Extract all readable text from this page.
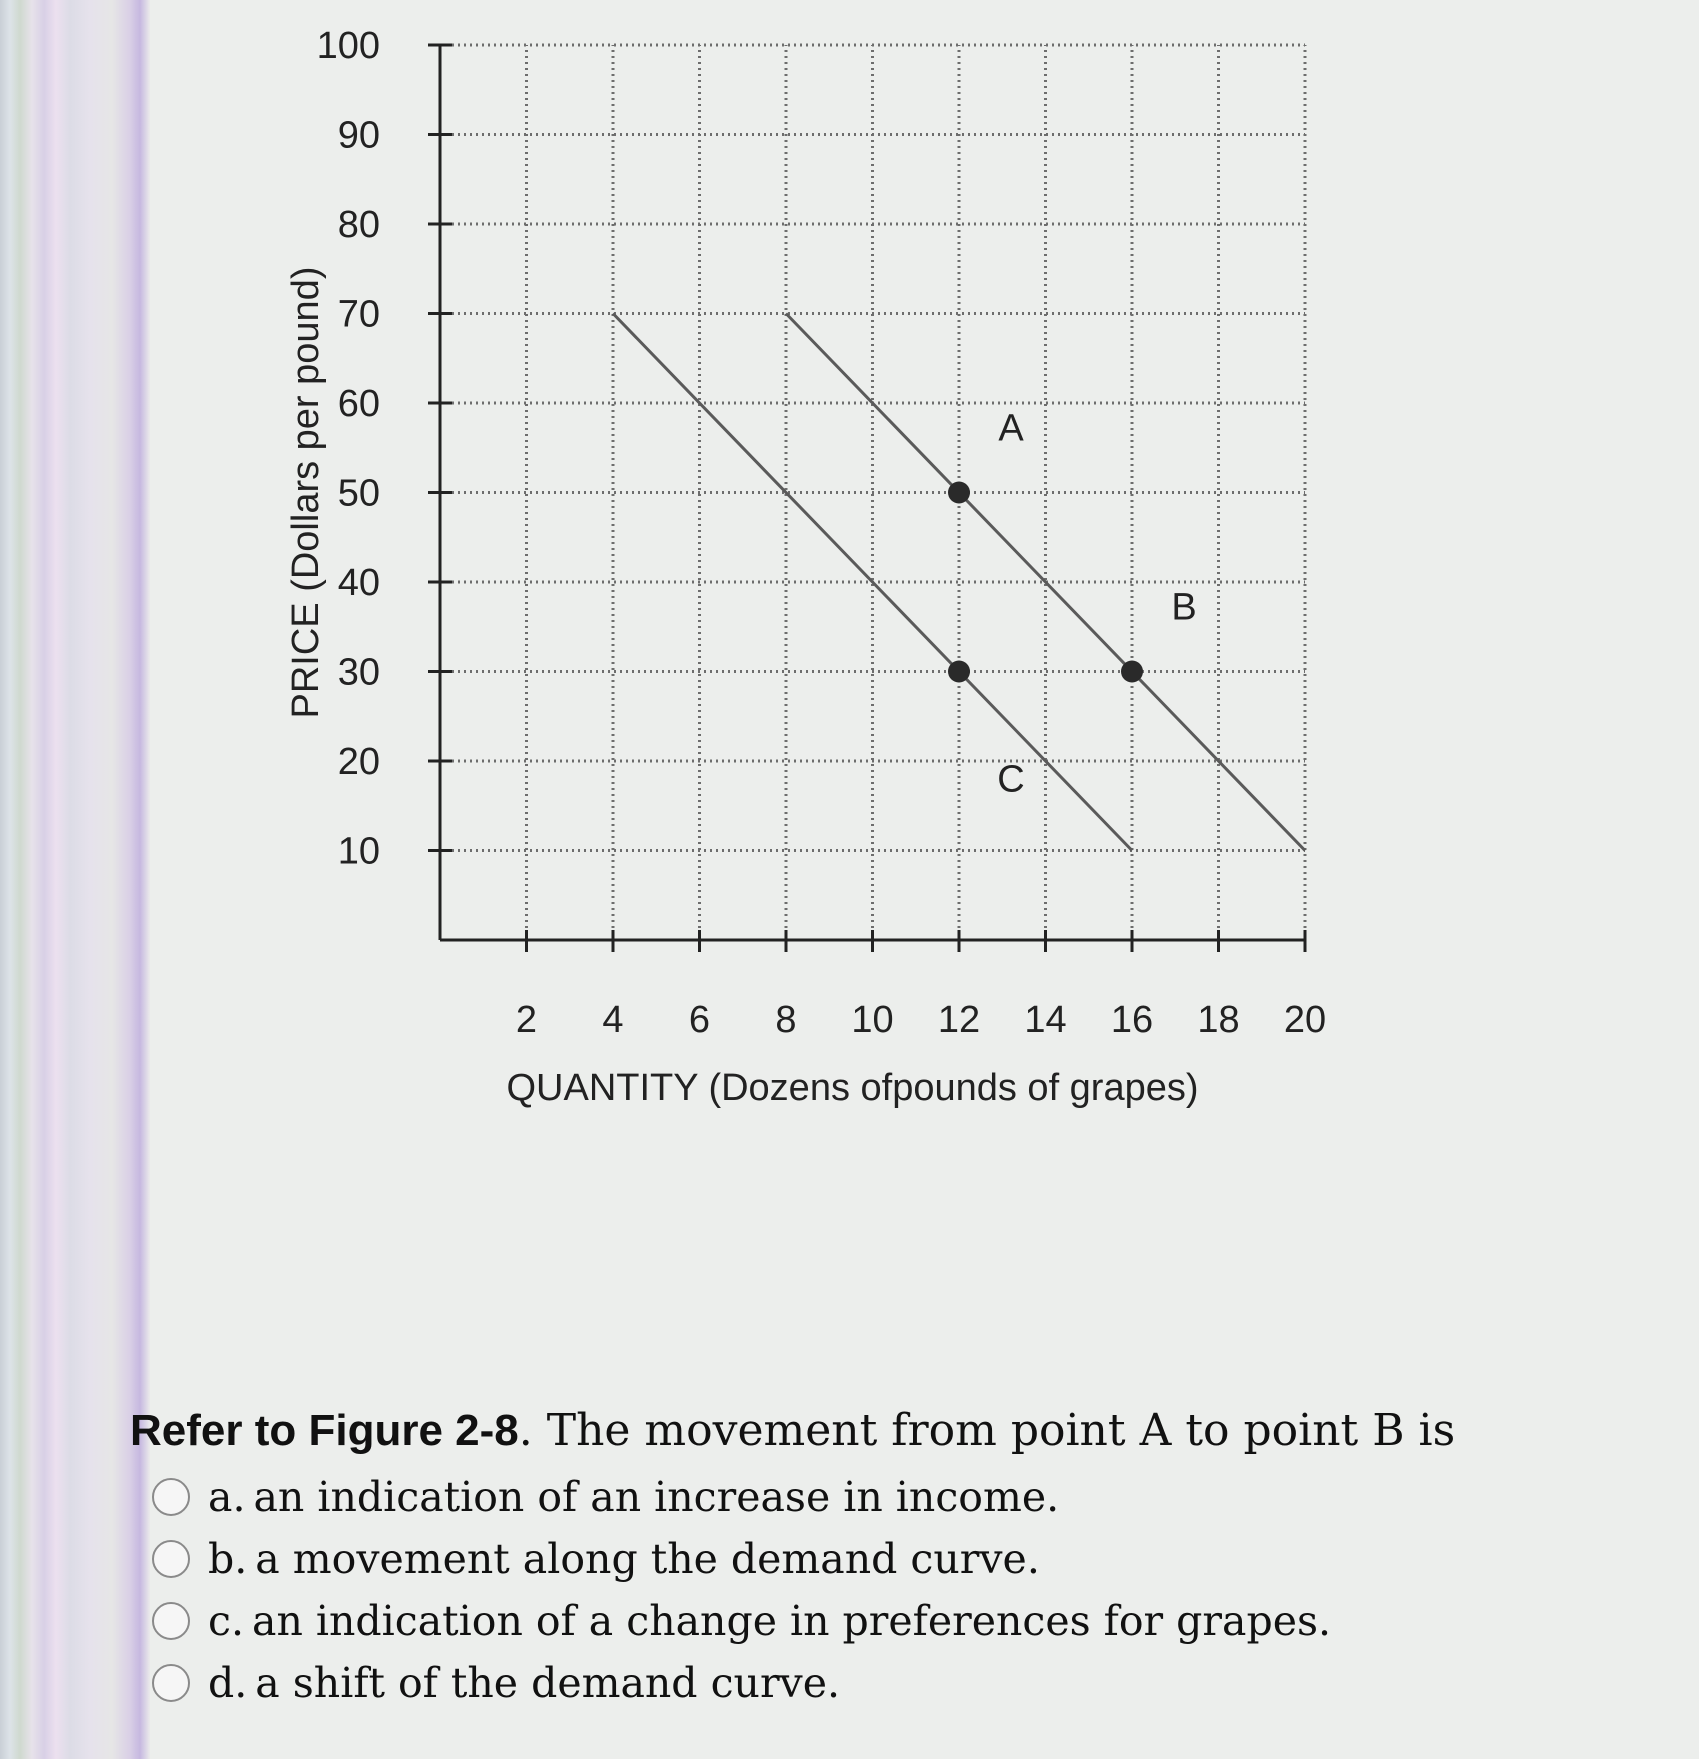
10
20
30
40
50
60
70
80
90
100
2 4 6 8 10 12 14 16 18 20
QUANTITY (Dozens ofpounds of grapes)
PRICE (Dollars per pound)	A
C
B
Refer to Figure 2-8. The movement from point A to point B is
a. an indication of an increase in income.
b. a movement along the demand curve.
c. an indication of a change in preferences for grapes.
d. a shift of the demand curve.
